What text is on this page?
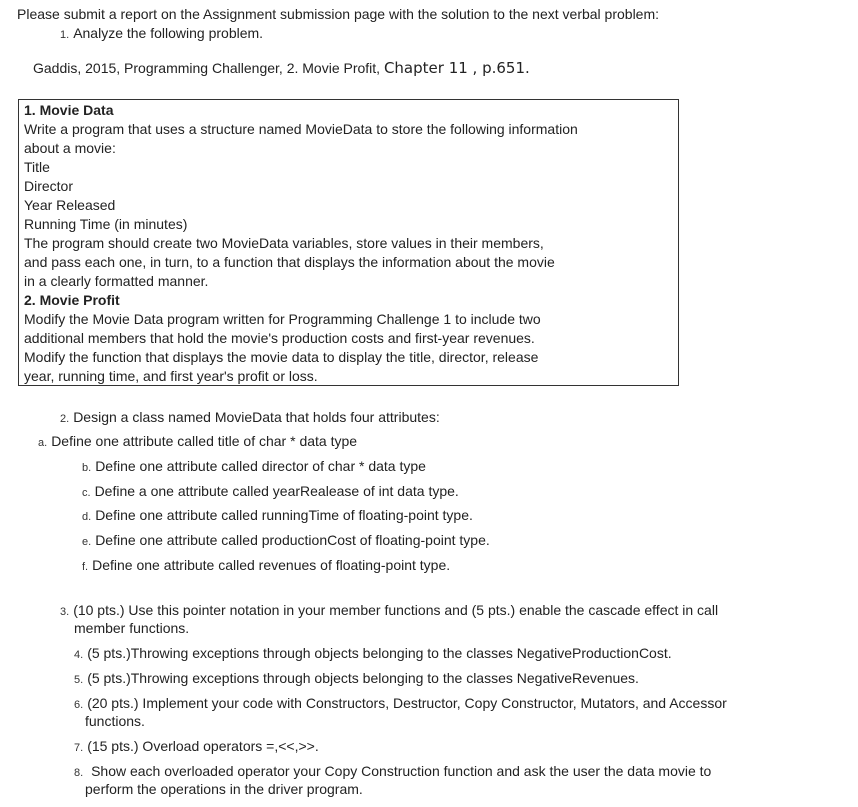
Please submit a report on the Assignment submission page with the solution to the next verbal problem:
1. Analyze the following problem.
Gaddis, 2015, Programming Challenger, 2. Movie Profit, Chapter 11 , p.651.
1. Movie Data
Write a program that uses a structure named MovieData to store the following information
about a movie:
Title
Director
Year Released
Running Time (in minutes)
The program should create two MovieData variables, store values in their members,
and pass each one, in turn, to a function that displays the information about the movie
in a clearly formatted manner.
2. Movie Profit
Modify the Movie Data program written for Programming Challenge 1 to include two
additional members that hold the movie's production costs and first-year revenues.
Modify the function that displays the movie data to display the title, director, release
year, running time, and first year's profit or loss.
2. Design a class named MovieData that holds four attributes:
a. Define one attribute called title of char * data type
b. Define one attribute called director of char * data type
c. Define a one attribute called yearRealease of int data type.
d. Define one attribute called runningTime of floating-point type.
e. Define one attribute called productionCost of floating-point type.
f. Define one attribute called revenues of floating-point type.
3. (10 pts.) Use this pointer notation in your member functions and (5 pts.) enable the cascade effect in call
member functions.
4. (5 pts.)Throwing exceptions through objects belonging to the classes NegativeProductionCost.
5. (5 pts.)Throwing exceptions through objects belonging to the classes NegativeRevenues.
6. (20 pts.) Implement your code with Constructors, Destructor, Copy Constructor, Mutators, and Accessor
functions.
7. (15 pts.) Overload operators =,<<,>>.
8. Show each overloaded operator your Copy Construction function and ask the user the data movie to
perform the operations in the driver program.
